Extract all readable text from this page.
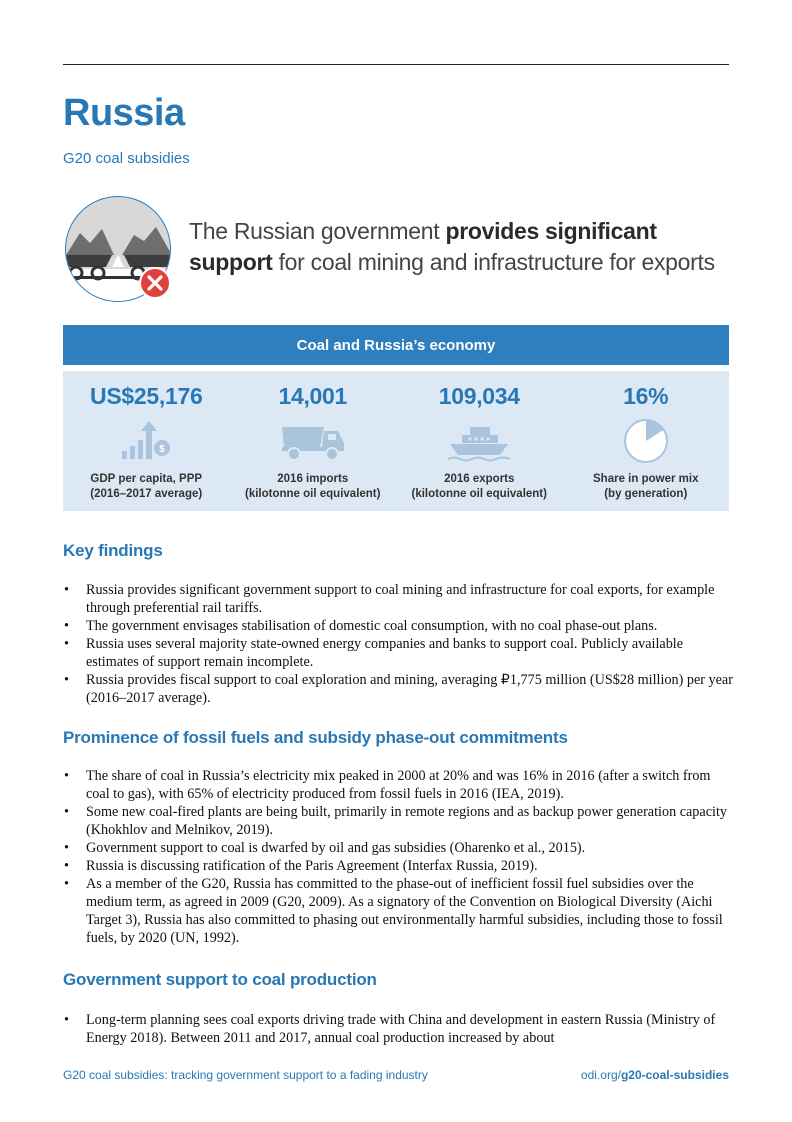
Russia
G20 coal subsidies
The Russian government provides significant support for coal mining and infrastructure for exports
Coal and Russia’s economy
US$25,176
$
GDP per capita, PPP
(2016–2017 average)
14,001
2016 imports
(kilotonne oil equivalent)
109,034
2016 exports
(kilotonne oil equivalent)
16%
Share in power mix
(by generation)
Key findings
• Russia provides significant government support to coal mining and infrastructure for coal exports, for example through preferential rail tariffs.
• The government envisages stabilisation of domestic coal consumption, with no coal phase-out plans.
• Russia uses several majority state-owned energy companies and banks to support coal. Publicly available estimates of support remain incomplete.
• Russia provides fiscal support to coal exploration and mining, averaging ₽1,775 million (US$28 million) per year (2016–2017 average).
Prominence of fossil fuels and subsidy phase-out commitments
• The share of coal in Russia’s electricity mix peaked in 2000 at 20% and was 16% in 2016 (after a switch from coal to gas), with 65% of electricity produced from fossil fuels in 2016 (IEA, 2019).
• Some new coal-fired plants are being built, primarily in remote regions and as backup power generation capacity (Khokhlov and Melnikov, 2019).
• Government support to coal is dwarfed by oil and gas subsidies (Oharenko et al., 2015).
• Russia is discussing ratification of the Paris Agreement (Interfax Russia, 2019).
• As a member of the G20, Russia has committed to the phase-out of inefficient fossil fuel subsidies over the medium term, as agreed in 2009 (G20, 2009). As a signatory of the Convention on Biological Diversity (Aichi Target 3), Russia has also committed to phasing out environmentally harmful subsidies, including those to fossil fuels, by 2020 (UN, 1992).
Government support to coal production
• Long-term planning sees coal exports driving trade with China and development in eastern Russia (Ministry of Energy 2018). Between 2011 and 2017, annual coal production increased by about
G20 coal subsidies: tracking government support to a fading industry	odi.org/g20-coal-subsidies
